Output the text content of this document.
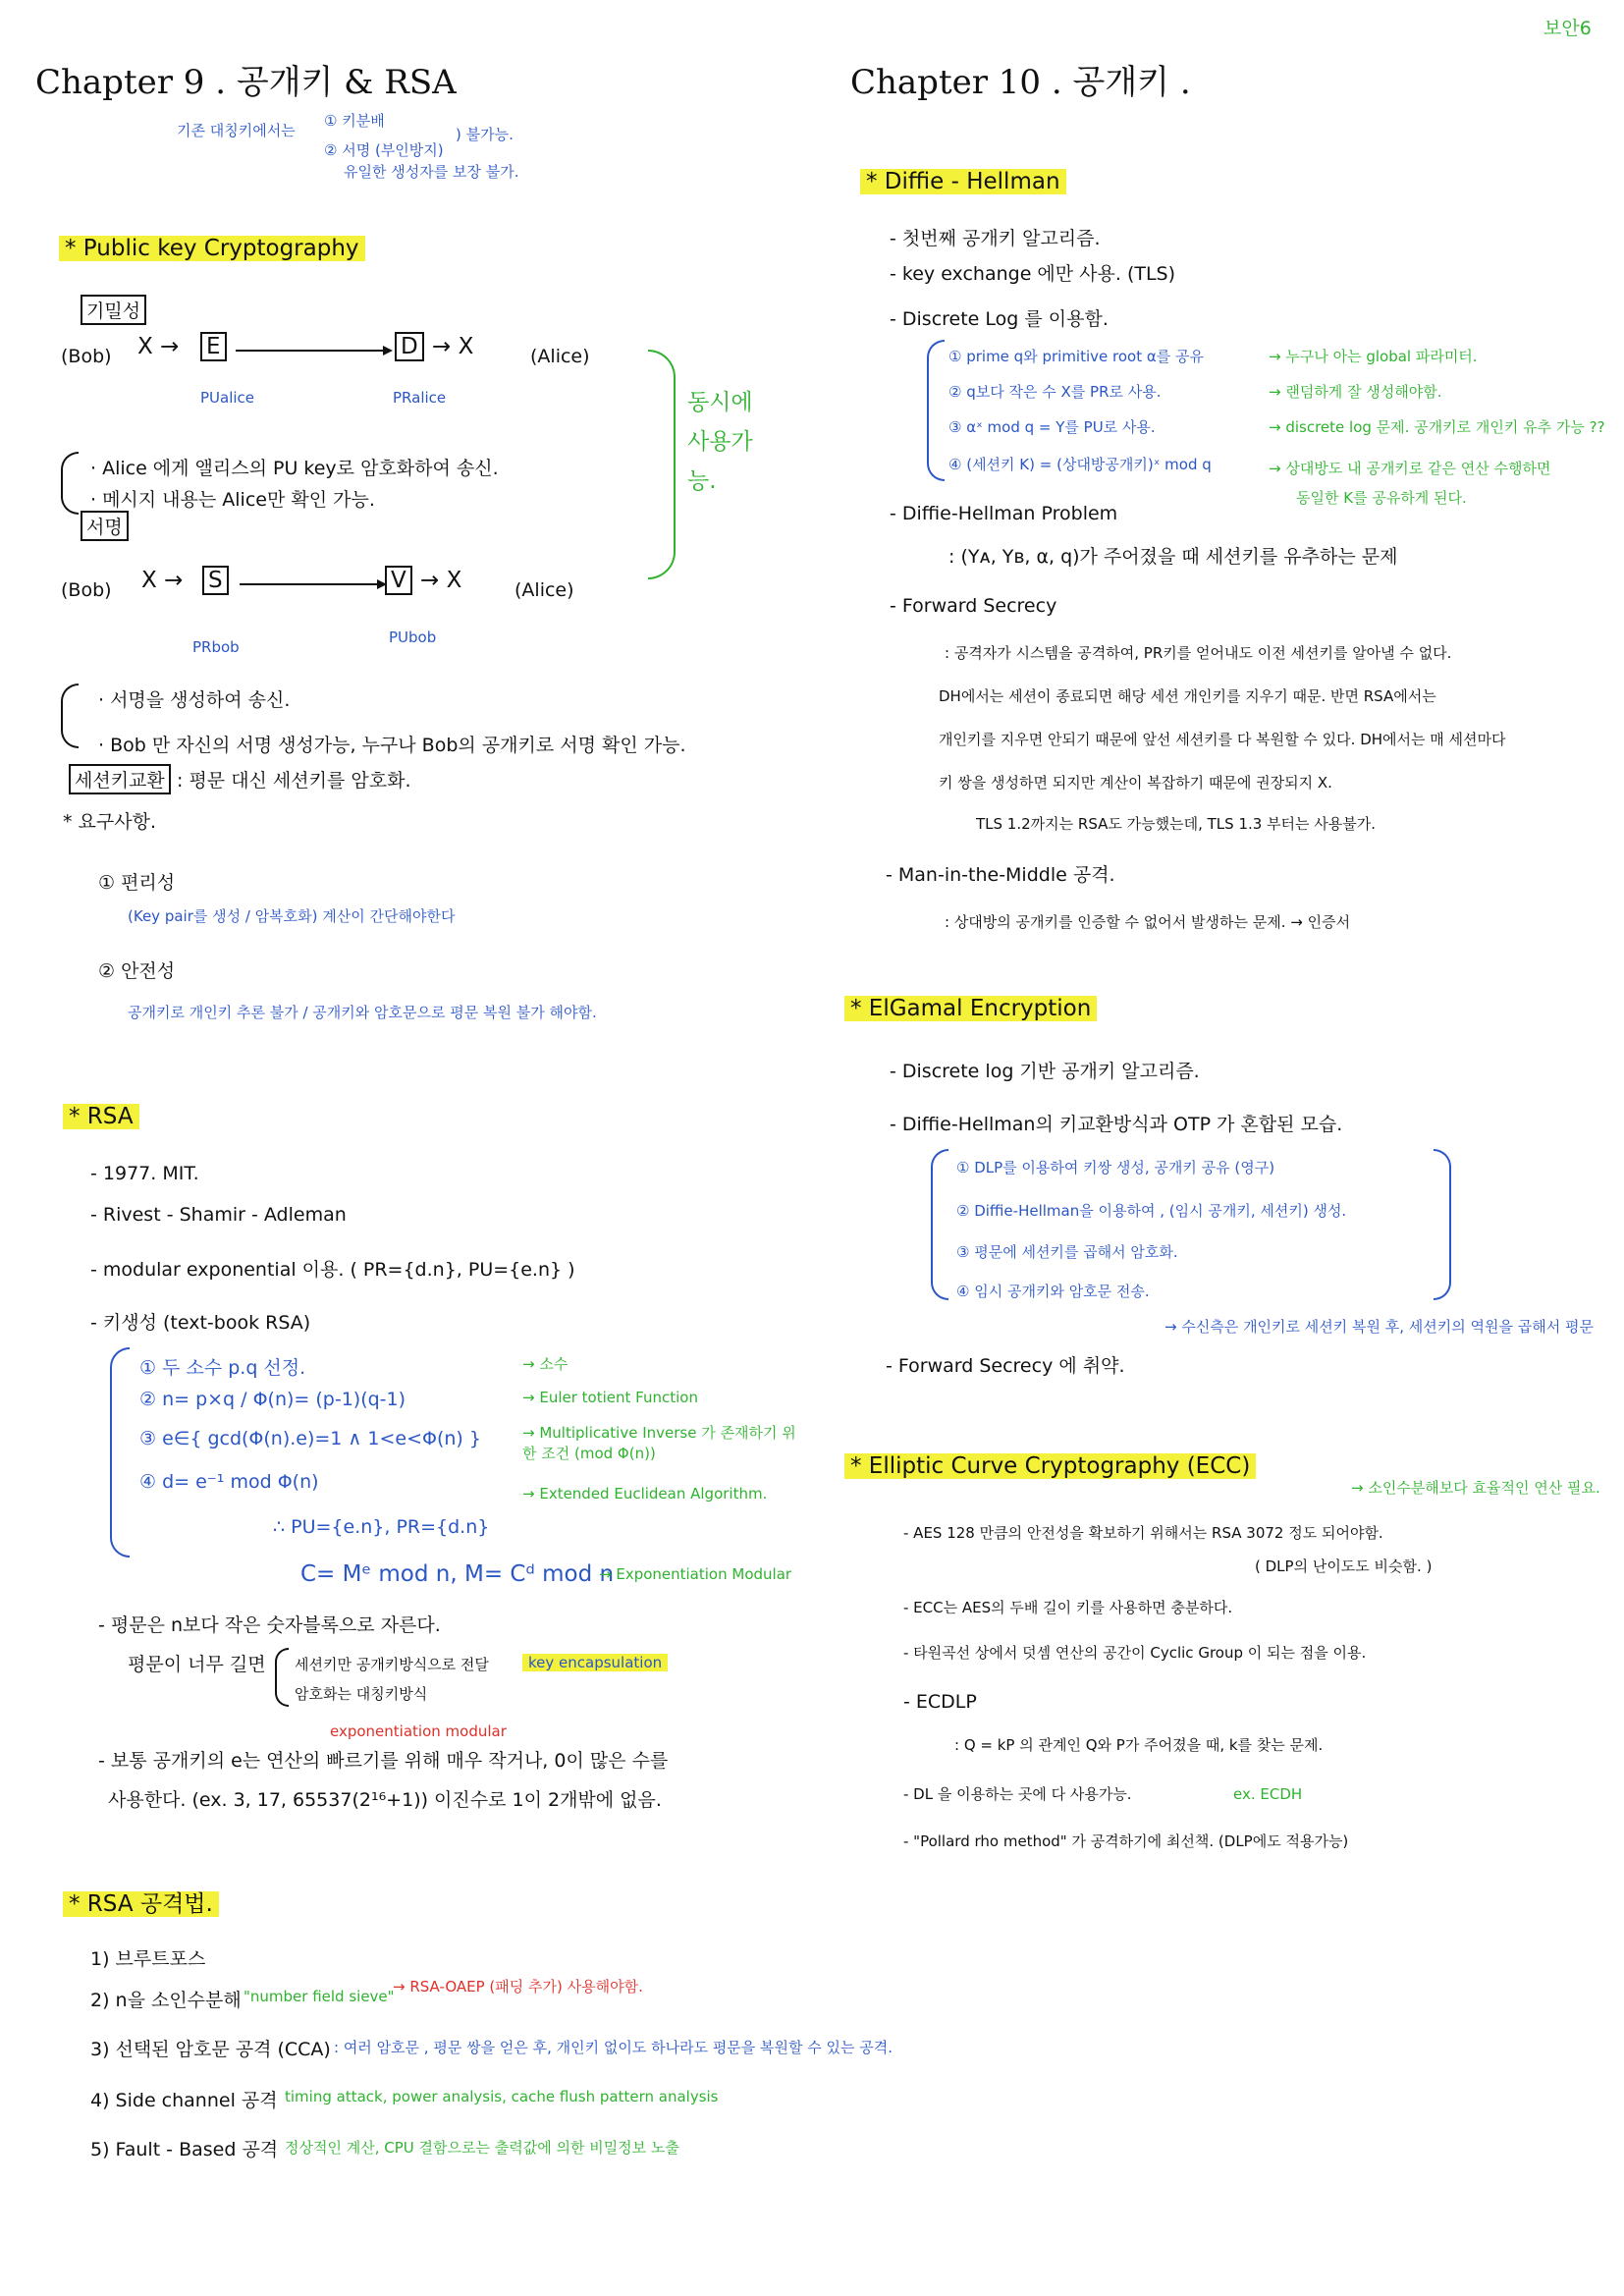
보안6
Chapter 9 . 공개키 & RSA
기존 대칭키에서는
① 키분배
② 서명 (부인방지)
유일한 생성자를 보장 불가.
) 불가능.
* Public key Cryptography
기밀성
(Bob) X → E	D → X	(Alice)
PUalice	PRalice
· Alice 에게 앨리스의 PU key로 암호화하여 송신.
· 메시지 내용는 Alice만 확인 가능.
동시에 사용가능.
서명
(Bob) X → S	V → X	(Alice)
PRbob
PUbob
· 서명을 생성하여 송신.
· Bob 만 자신의 서명 생성가능, 누구나 Bob의 공개키로 서명 확인 가능.
세션키교환 : 평문 대신 세션키를 암호화.
* 요구사항.
① 편리성
(Key pair를 생성 / 암복호화) 계산이 간단해야한다
② 안전성
공개키로 개인키 추론 불가 / 공개키와 암호문으로 평문 복원 불가 해야함.
* RSA
- 1977. MIT.
- Rivest - Shamir - Adleman
- modular exponential 이용. ( PR={d.n}, PU={e.n} )
- 키생성 (text-book RSA)
① 두 소수 p.q 선정.
② n= p×q / Φ(n)= (p-1)(q-1)
③ e∈{ gcd(Φ(n).e)=1 ∧ 1<e<Φ(n) }
④ d= e⁻¹ mod Φ(n)
∴ PU={e.n}, PR={d.n}
C= Mᵉ mod n, M= Cᵈ mod n
→ 소수
→ Euler totient Function
→ Multiplicative Inverse 가 존재하기 위한 조건 (mod Φ(n))
→ Extended Euclidean Algorithm.
→ Exponentiation Modular
- 평문은 n보다 작은 숫자블록으로 자른다.
평문이 너무 길면 세션키만 공개키방식으로 전달
암호화는 대칭키방식
key encapsulation
exponentiation modular
- 보통 공개키의 e는 연산의 빠르기를 위해 매우 작거나, 0이 많은 수를
사용한다. (ex. 3, 17, 65537(2¹⁶+1)) 이진수로 1이 2개밖에 없음.
* RSA 공격법.
1) 브루트포스
2) n을 소인수분해 "number field sieve"
→ RSA-OAEP (패딩 추가) 사용해야함.
3) 선택된 암호문 공격 (CCA) : 여러 암호문 , 평문 쌍을 얻은 후, 개인키 없이도 하나라도 평문을 복원할 수 있는 공격.
4) Side channel 공격 timing attack, power analysis, cache flush pattern analysis
5) Fault - Based 공격 정상적인 계산, CPU 결함으로는 출력값에 의한 비밀정보 노출
Chapter 10 . 공개키 .
* Diffie - Hellman
- 첫번째 공개키 알고리즘.
- key exchange 에만 사용. (TLS)
- Discrete Log 를 이용함.
① prime q와 primitive root α를 공유
② q보다 작은 수 X를 PR로 사용.
③ αˣ mod q = Y를 PU로 사용.
④ (세션키 K) = (상대방공개키)ˣ mod q
→ 누구나 아는 global 파라미터.
→ 랜덤하게 잘 생성해야함.
→ discrete log 문제. 공개키로 개인키 유추 가능 ??
→ 상대방도 내 공개키로 같은 연산 수행하면
동일한 K를 공유하게 된다.
- Diffie-Hellman Problem
: (Yᴀ, Yʙ, α, q)가 주어졌을 때 세션키를 유추하는 문제
- Forward Secrecy
: 공격자가 시스템을 공격하여, PR키를 얻어내도 이전 세션키를 알아낼 수 없다.
DH에서는 세션이 종료되면 해당 세션 개인키를 지우기 때문. 반면 RSA에서는
개인키를 지우면 안되기 때문에 앞선 세션키를 다 복원할 수 있다. DH에서는 매 세션마다
키 쌍을 생성하면 되지만 계산이 복잡하기 때문에 권장되지 X.
TLS 1.2까지는 RSA도 가능했는데, TLS 1.3 부터는 사용불가.
- Man-in-the-Middle 공격.
: 상대방의 공개키를 인증할 수 없어서 발생하는 문제. → 인증서
* ElGamal Encryption
- Discrete log 기반 공개키 알고리즘.
- Diffie-Hellman의 키교환방식과 OTP 가 혼합된 모습.
① DLP를 이용하여 키쌍 생성, 공개키 공유 (영구)
② Diffie-Hellman을 이용하여 , (임시 공개키, 세션키) 생성.
③ 평문에 세션키를 곱해서 암호화.
④ 임시 공개키와 암호문 전송.
→ 수신측은 개인키로 세션키 복원 후, 세션키의 역원을 곱해서 평문
- Forward Secrecy 에 취약.
* Elliptic Curve Cryptography (ECC)
→ 소인수분해보다 효율적인 연산 필요.
- AES 128 만큼의 안전성을 확보하기 위해서는 RSA 3072 정도 되어야함.
( DLP의 난이도도 비슷함. )
- ECC는 AES의 두배 길이 키를 사용하면 충분하다.
- 타원곡선 상에서 덧셈 연산의 공간이 Cyclic Group 이 되는 점을 이용.
- ECDLP
: Q = kP 의 관계인 Q와 P가 주어졌을 때, k를 찾는 문제.
- DL 을 이용하는 곳에 다 사용가능.	ex. ECDH
- "Pollard rho method" 가 공격하기에 최선책. (DLP에도 적용가능)
